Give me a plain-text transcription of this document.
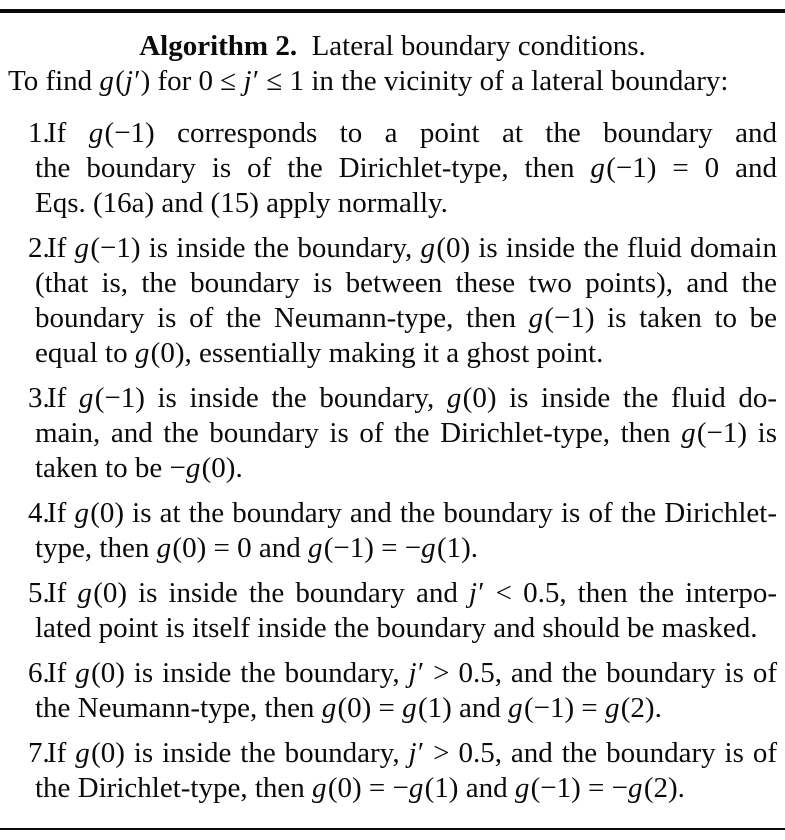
Algorithm 2. Lateral boundary conditions.
To find g(j′) for 0 ≤ j′ ≤ 1 in the vicinity of a lateral boundary:
1.
If g(−1) corresponds to a point at the boundary and
the boundary is of the Dirichlet-type, then g(−1) = 0 and
Eqs. (16a) and (15) apply normally.
2.
If g(−1) is inside the boundary, g(0) is inside the fluid domain
(that is, the boundary is between these two points), and the
boundary is of the Neumann-type, then g(−1) is taken to be
equal to g(0), essentially making it a ghost point.
3.
If g(−1) is inside the boundary, g(0) is inside the fluid do-
main, and the boundary is of the Dirichlet-type, then g(−1) is
taken to be −g(0).
4.
If g(0) is at the boundary and the boundary is of the Dirichlet-
type, then g(0) = 0 and g(−1) = −g(1).
5.
If g(0) is inside the boundary and j′ < 0.5, then the interpo-
lated point is itself inside the boundary and should be masked.
6.
If g(0) is inside the boundary, j′ > 0.5, and the boundary is of
the Neumann-type, then g(0) = g(1) and g(−1) = g(2).
7.
If g(0) is inside the boundary, j′ > 0.5, and the boundary is of
the Dirichlet-type, then g(0) = −g(1) and g(−1) = −g(2).
